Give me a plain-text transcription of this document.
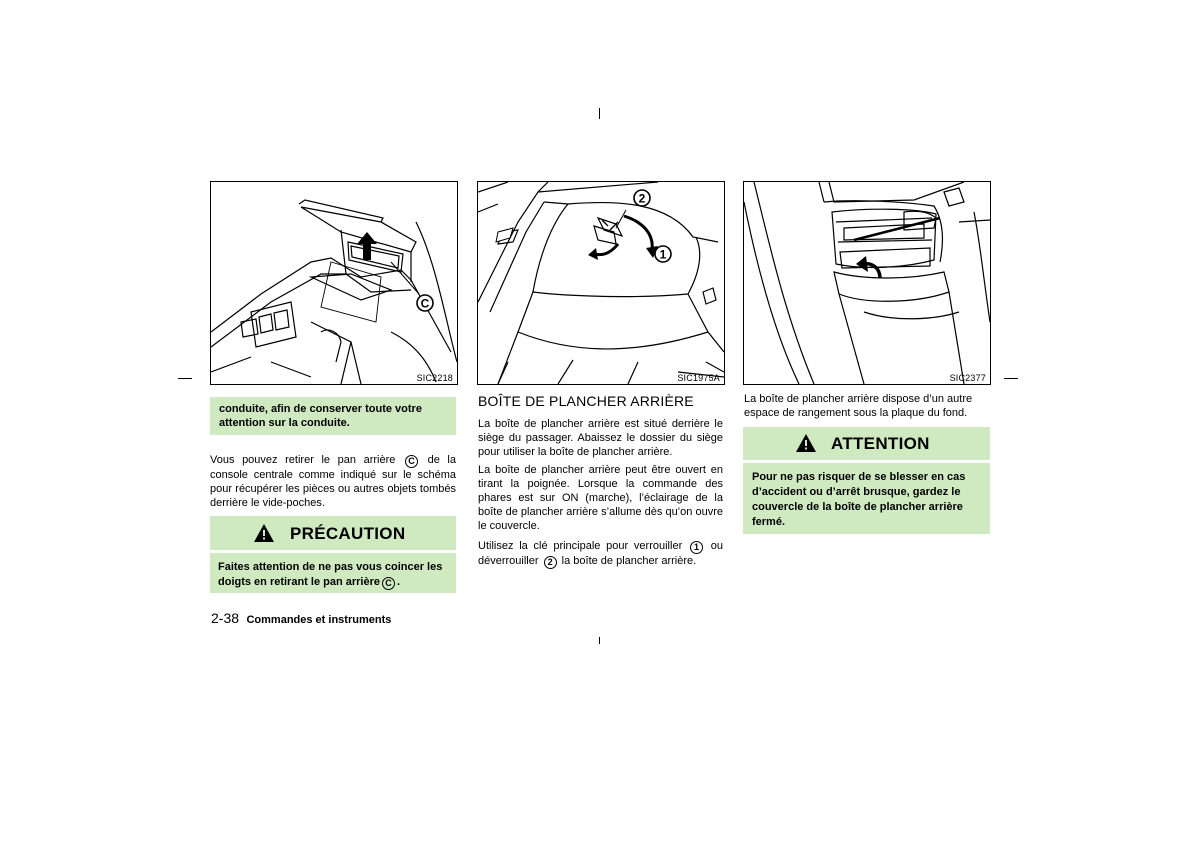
C
SIC2218
2
1
SIC1975A	SIC2377
conduite, afin de conserver toute votre attention sur la conduite.
Vous pouvez retirer le pan arrière C de la console centrale comme indiqué sur le schéma pour récupérer les pièces ou autres objets tombés derrière le vide-poches.
PRÉCAUTION
Faites attention de ne pas vous coincer les doigts en retirant le pan arrière C .
2-38 Commandes et instruments
BOÎTE DE PLANCHER ARRIÈRE
La boîte de plancher arrière est situé derrière le siège du passager. Abaissez le dossier du siège pour utiliser la boîte de plancher arrière.
La boîte de plancher arrière peut être ouvert en tirant la poignée. Lorsque la commande des phares est sur ON (marche), l’éclairage de la boîte de plancher arrière s’allume dès qu’on ouvre le couvercle.
Utilisez la clé principale pour verrouiller 1 ou déverrouiller 2 la boîte de plancher arrière.
La boîte de plancher arrière dispose d’un autre espace de rangement sous la plaque du fond.
ATTENTION
Pour ne pas risquer de se blesser en cas d’accident ou d’arrêt brusque, gardez le couvercle de la boîte de plancher arrière fermé.
